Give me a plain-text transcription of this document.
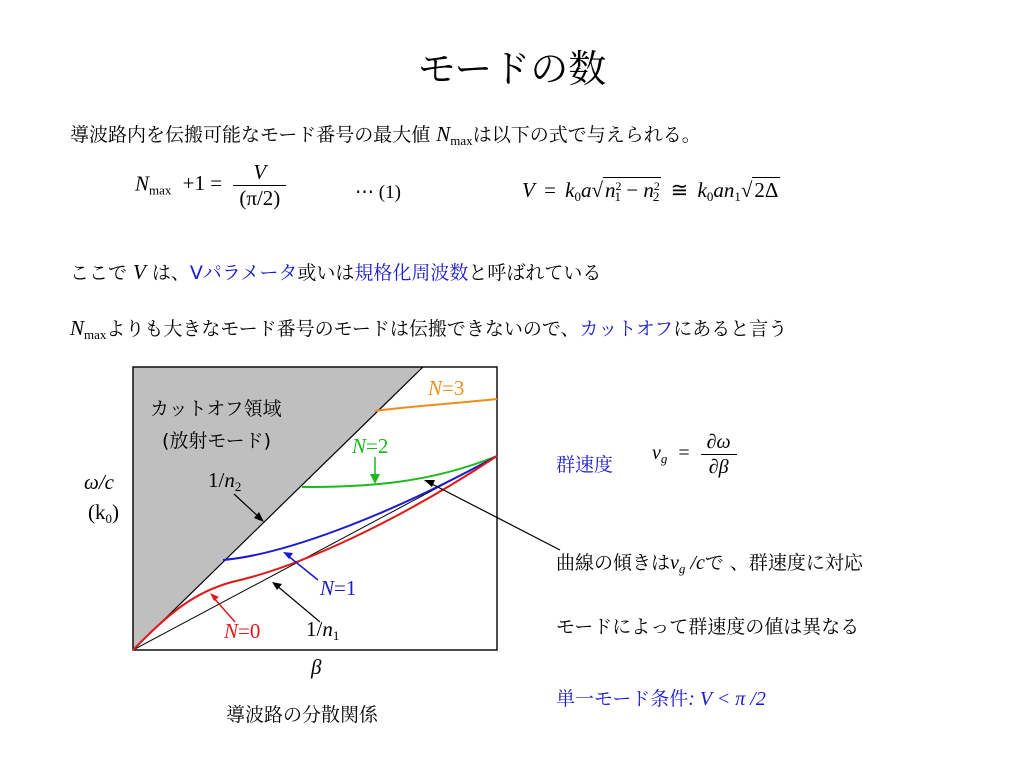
モードの数
導波路内を伝搬可能なモード番号の最大値 $N_{max}$は以下の式で与えられる。
$N_{max} +1 = \frac{V}{(\pi/2)}$	⋯ (1)	$V = k_0a√n^2_1 - n^2_2$ ≅ $k_0an_1√2\Delta$
ここで V は、Vパラメータ或いは規格化周波数と呼ばれている
$N_{max}$よりも大きなモード番号のモードは伝搬できないので、カットオフにあると言う
カットオフ領域
(放射モード)
ω/c
$(k_0)$
β
$1/n_2$
$1/n_1$
N=3
N=2
N=1
N=0
導波路の分散関係
群速度
$v_g = \frac{\partial\omega}{\partial\beta}$
曲線の傾きは$v_g$ /cで 、群速度に対応
モードによって群速度の値は異なる
単一モード条件: V < π /2
